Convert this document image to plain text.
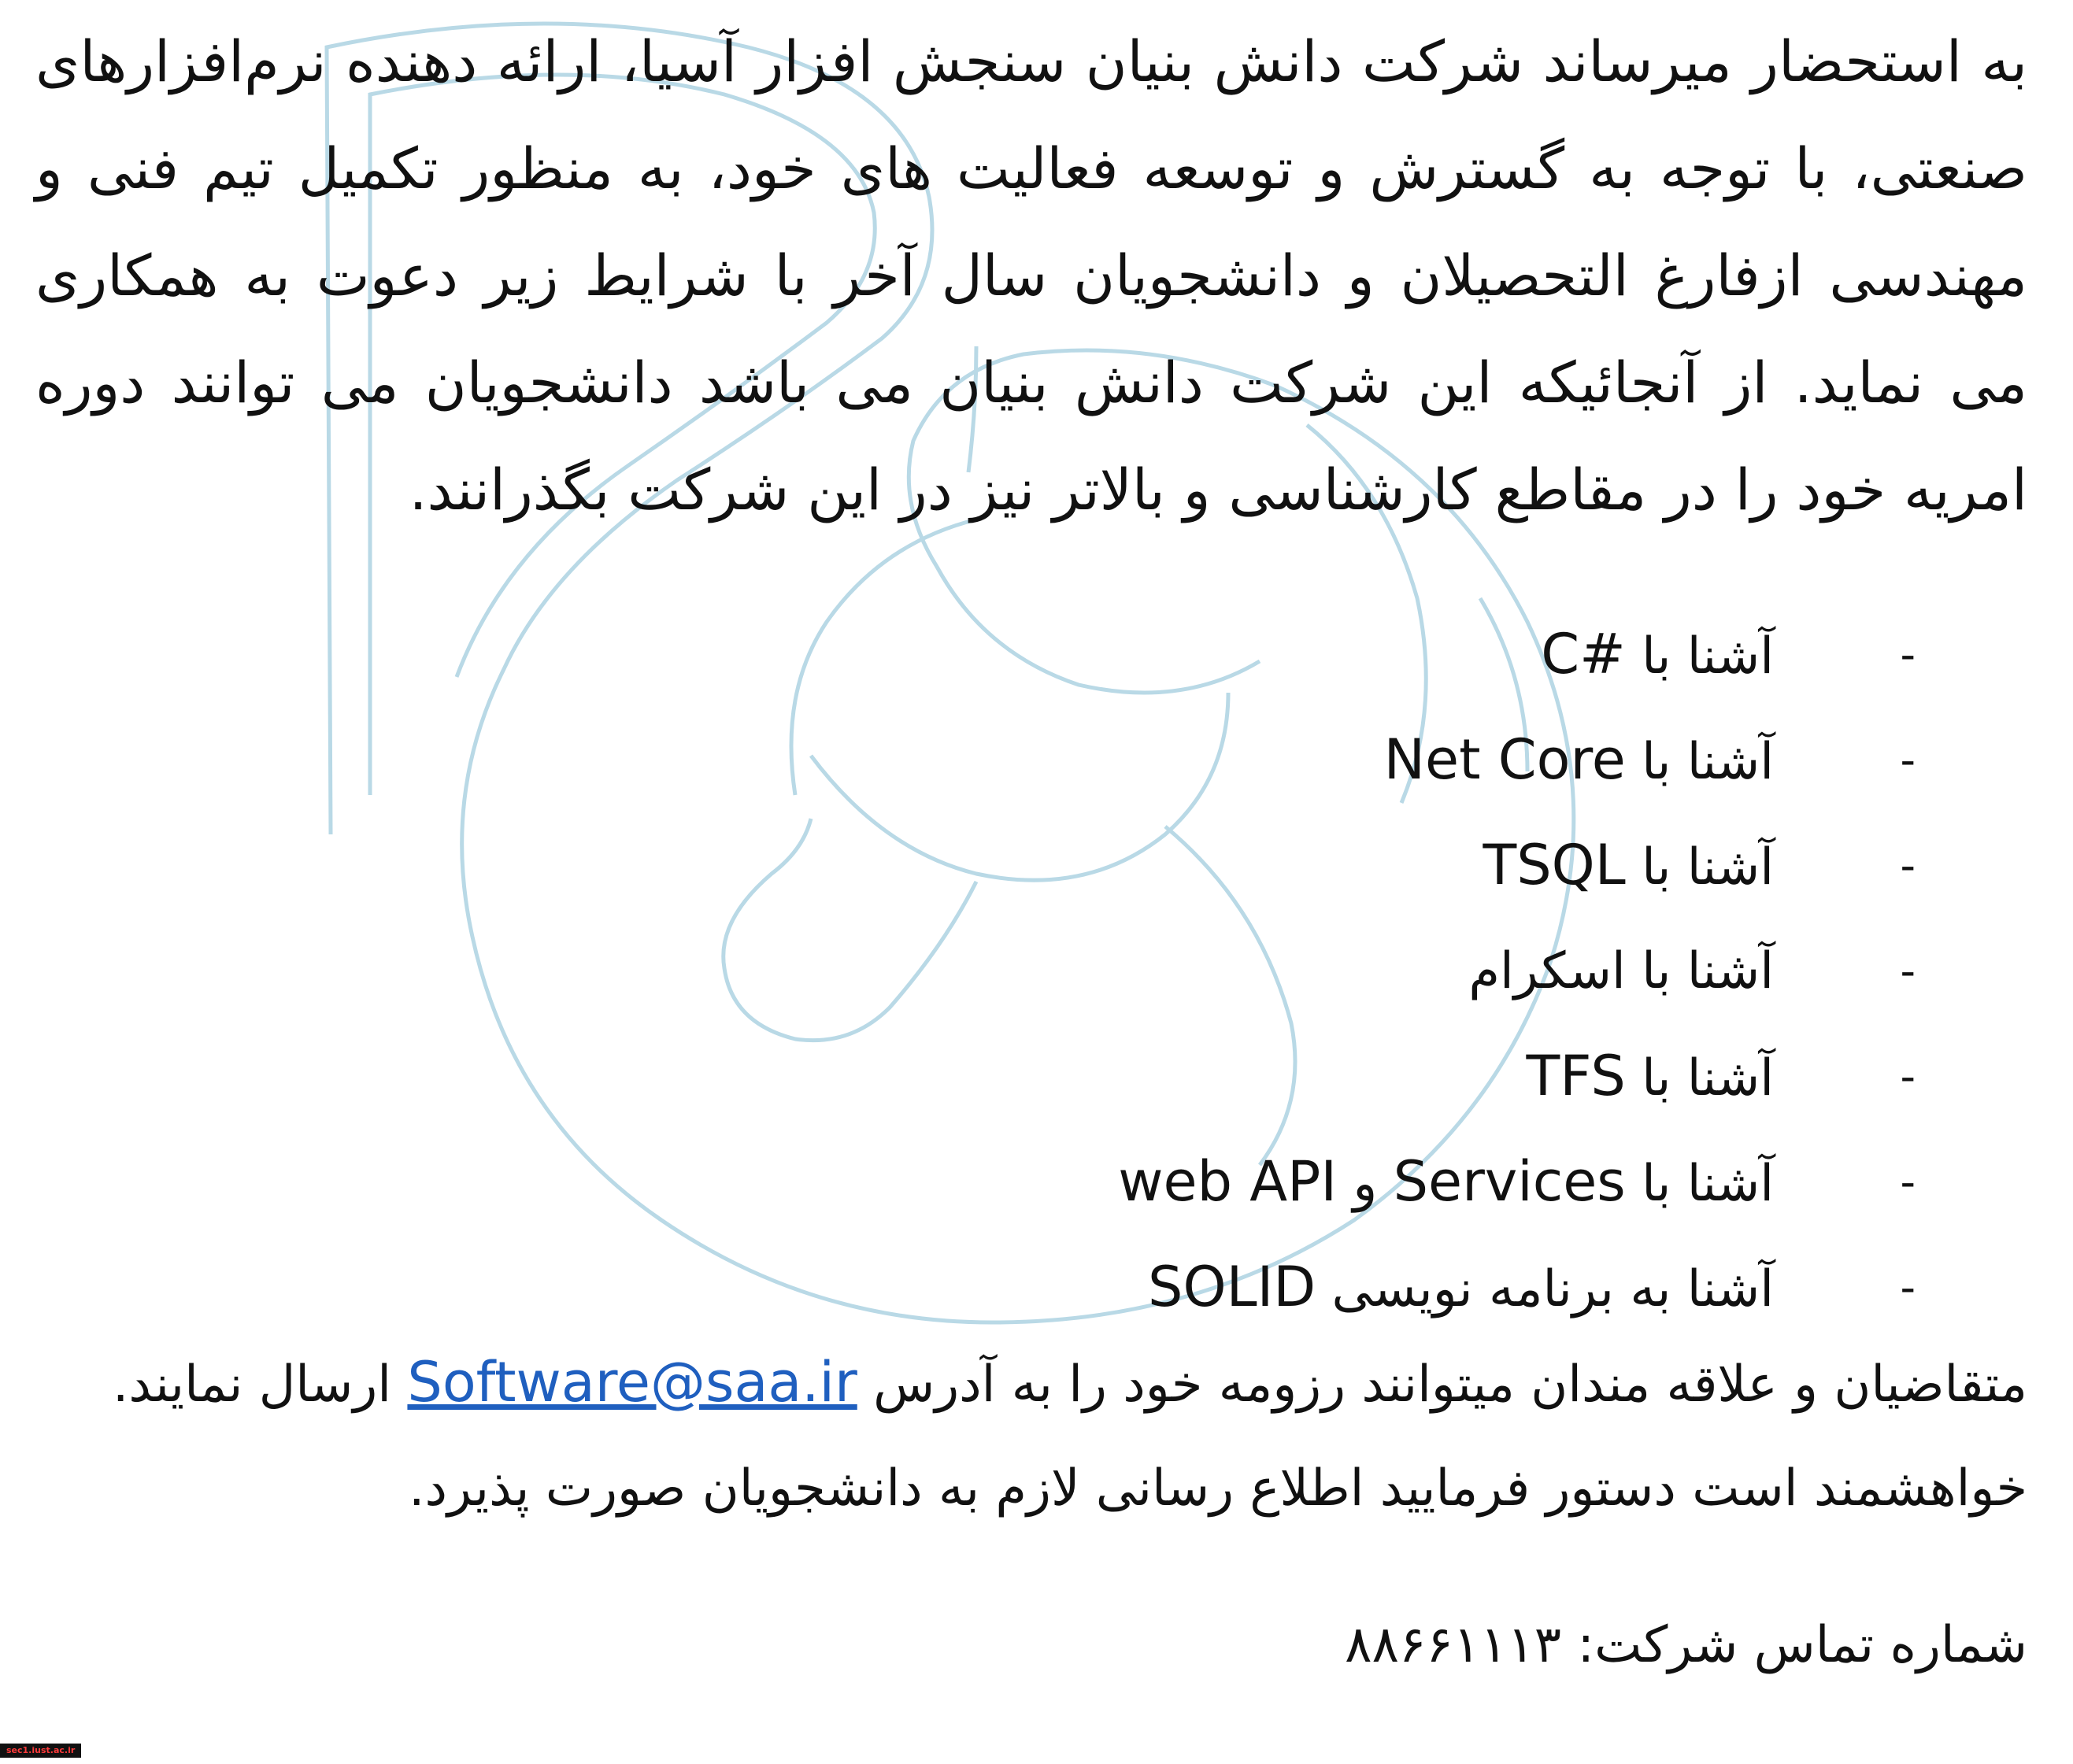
به استحضار میرساند شرکت دانش بنیان سنجش افزار آسیا، ارائه دهنده نرم‌افزارهای صنعتی، با توجه به گسترش و توسعه فعالیت های خود، به منظور تکمیل تیم فنی و مهندسی ازفارغ التحصیلان و دانشجویان سال آخر با شرایط زیر دعوت به همکاری می نماید. از آنجائیکه این شرکت دانش بنیان می باشد دانشجویان می توانند دوره امریه خود را در مقاطع کارشناسی و بالاتر نیز در این شرکت بگذرانند.

-
آشنا با C#
-
آشنا با Net Core
-
آشنا با TSQL
-
آشنا با اسکرام
-
آشنا با TFS
-
آشنا با Services و web API
-
آشنا به برنامه نویسی SOLID

متقاضیان و علاقه مندان میتوانند رزومه خود را به آدرس Software@saa.ir ارسال نمایند.
خواهشمند است دستور فرمایید اطلاع رسانی لازم به دانشجویان صورت پذیرد.

شماره تماس شرکت: ۸۸۶۶۱۱۱۳

sec1.iust.ac.ir
